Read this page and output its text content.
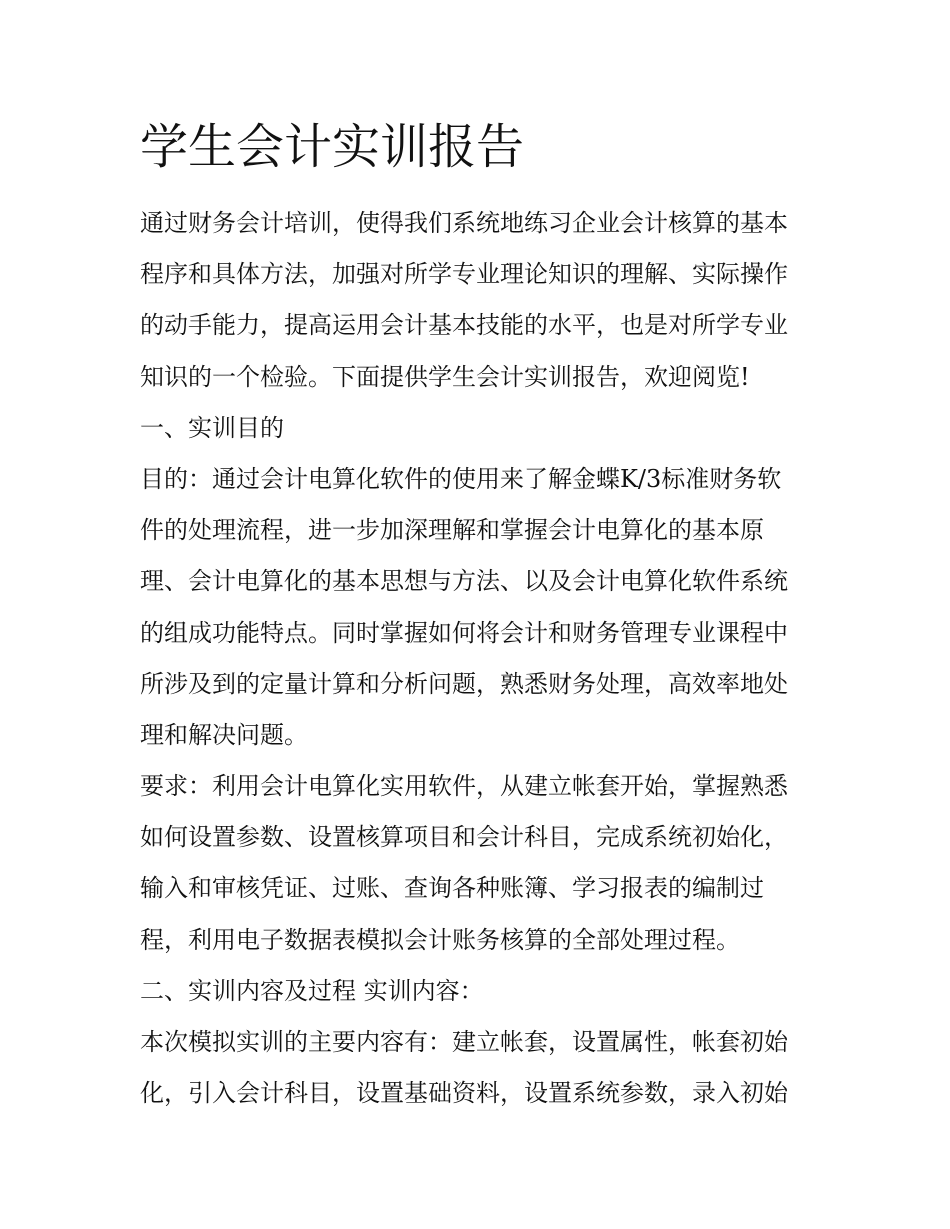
学生会计实训报告
通过财务会计培训，使得我们系统地练习企业会计核算的基本
程序和具体方法，加强对所学专业理论知识的理解、实际操作
的动手能力，提高运用会计基本技能的水平，也是对所学专业
知识的一个检验。下面提供学生会计实训报告，欢迎阅览!
一、实训目的
目的：通过会计电算化软件的使用来了解金蝶K/3标准财务软
件的处理流程，进一步加深理解和掌握会计电算化的基本原
理、会计电算化的基本思想与方法、以及会计电算化软件系统
的组成功能特点。同时掌握如何将会计和财务管理专业课程中
所涉及到的定量计算和分析问题，熟悉财务处理，高效率地处
理和解决问题。
要求：利用会计电算化实用软件，从建立帐套开始，掌握熟悉
如何设置参数、设置核算项目和会计科目，完成系统初始化，
输入和审核凭证、过账、查询各种账簿、学习报表的编制过
程，利用电子数据表模拟会计账务核算的全部处理过程。
二、实训内容及过程 实训内容：
本次模拟实训的主要内容有：建立帐套，设置属性，帐套初始
化，引入会计科目，设置基础资料，设置系统参数，录入初始
